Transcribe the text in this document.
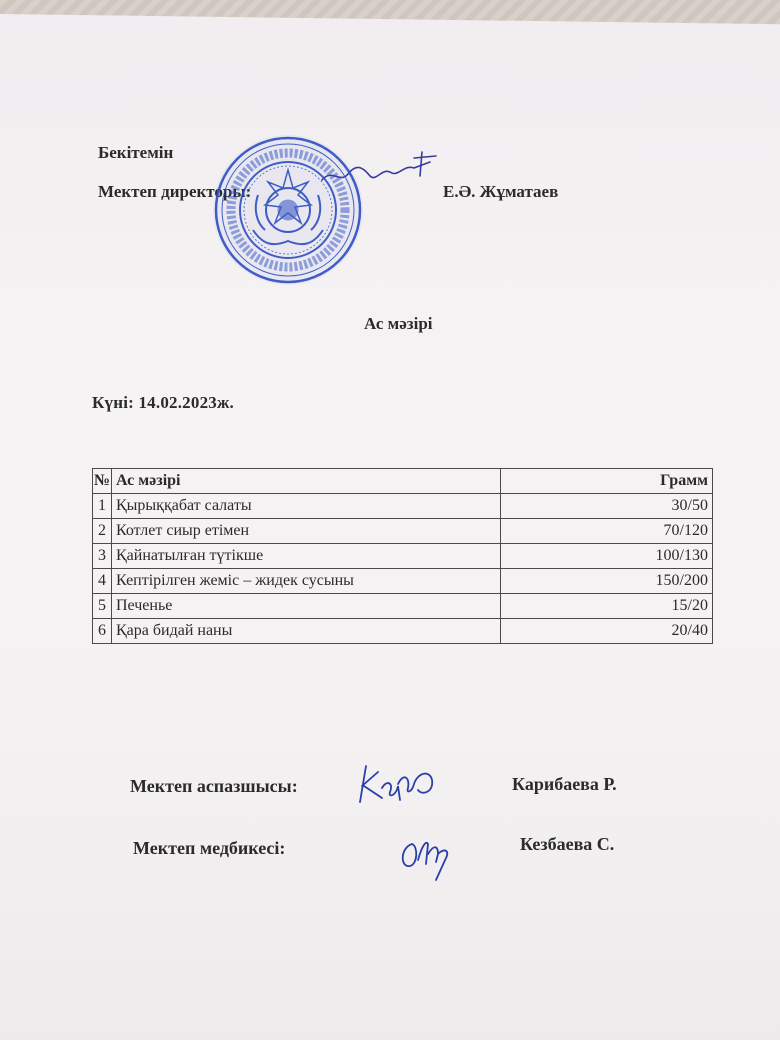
Бекітемін
Мектеп директоры:	Е.Ә. Жұматаев
Ас мәзірі
Күні: 14.02.2023ж.
№	Ас мәзірі	Грамм
1	Қырыққабат салаты	30/50
2	Котлет сиыр етімен	70/120
3	Қайнатылған түтікше	100/130
4	Кептірілген жеміс – жидек сусыны	150/200
5	Печенье	15/20
6	Қара бидай наны	20/40
Мектеп аспазшысы:	Карибаева Р.
Мектеп медбикесі:	Кезбаева С.
